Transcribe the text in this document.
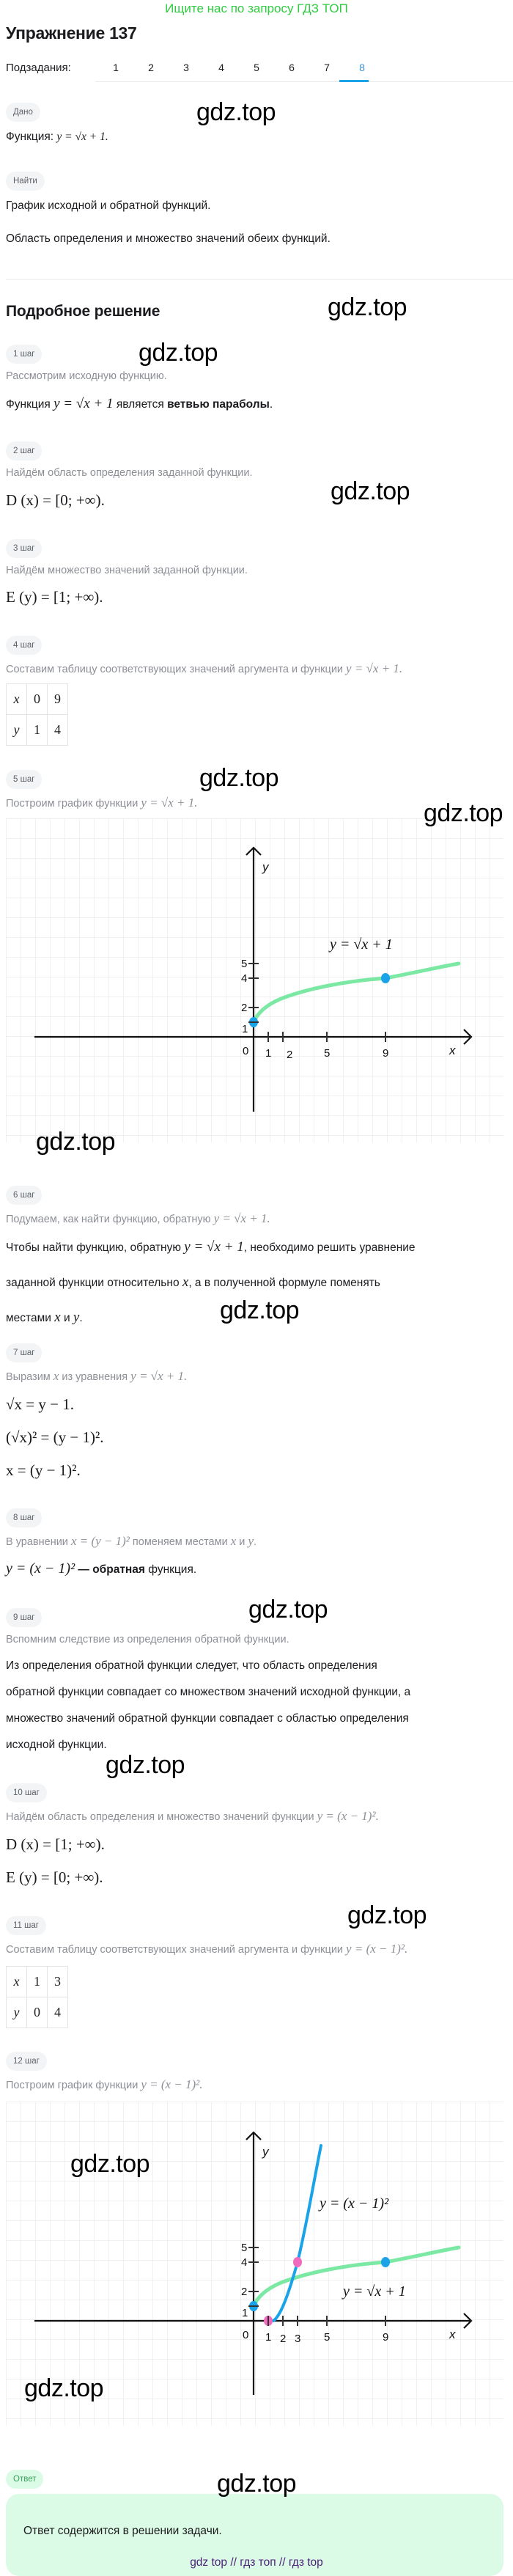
Ищите нас по запросу ГДЗ ТОП
Упражнение 137
Подзадания:	1	2	3	4	5	6	7	8
Дано
Функция: y = √x + 1.
Найти
График исходной и обратной функций.
Область определения и множество значений обеих функций.
Подробное решение
1 шаг
Рассмотрим исходную функцию.
Функция y = √x + 1 является ветвью параболы.
2 шаг
Найдём область определения заданной функции.
D (x) = [0; +∞).
3 шаг
Найдём множество значений заданной функции.
E (y) = [1; +∞).
4 шаг
Составим таблицу соответствующих значений аргумента и функции y = √x + 1.
x	0	9
y	1	4
5 шаг
Построим график функции y = √x + 1.
0 1 2	5	9
1
2
4
5
x
y
y = √x + 1
6 шаг
Подумаем, как найти функцию, обратную y = √x + 1.
Чтобы найти функцию, обратную y = √x + 1, необходимо решить уравнение
заданной функции относительно x, а в полученной формуле поменять
местами x и y.
7 шаг
Выразим x из уравнения y = √x + 1.
√x = y − 1.
(√x)² = (y − 1)².
x = (y − 1)².
8 шаг
В уравнении x = (y − 1)² поменяем местами x и y.
y = (x − 1)² — обратная функция.
9 шаг
Вспомним следствие из определения обратной функции.
Из определения обратной функции следует, что область определения
обратной функции совпадает со множеством значений исходной функции, а
множество значений обратной функции совпадает с областью определения
исходной функции.
10 шаг
Найдём область определения и множество значений функции y = (x − 1)².
D (x) = [1; +∞).
E (y) = [0; +∞).
11 шаг
Составим таблицу соответствующих значений аргумента и функции y = (x − 1)².
x	1	3
y	0	4
12 шаг
Построим график функции y = (x − 1)².
0 1 2 3 5	9
1
2
4
5
x
y
y = (x − 1)²
y = √x + 1
Ответ
Ответ содержится в решении задачи.
gdz top // гдз топ // гдз top
gdz.top
gdz.top
gdz.top
gdz.top
gdz.top
gdz.top
gdz.top
gdz.top
gdz.top
gdz.top
gdz.top
gdz.top
gdz.top
gdz.top
